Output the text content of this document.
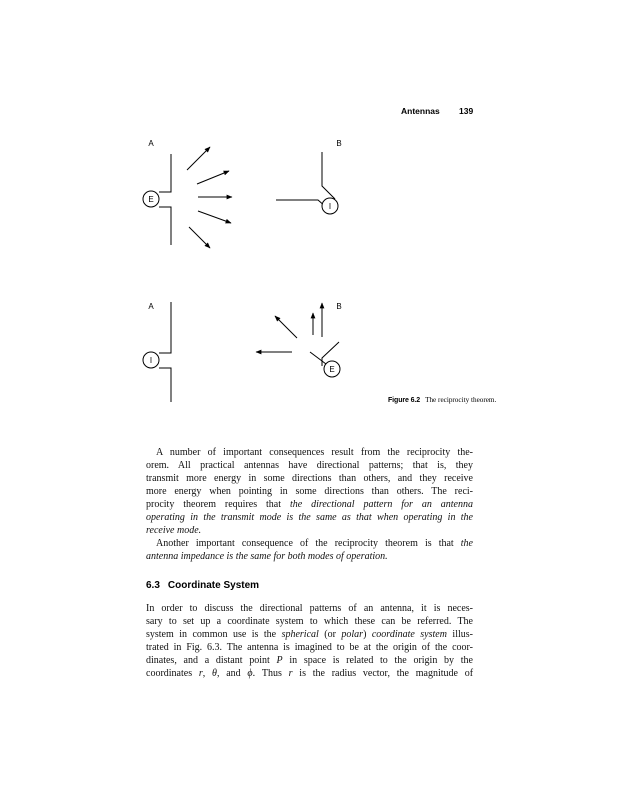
Antennas 139
A	B
E
I
A	B
I
E
Figure 6.2 The reciprocity theorem.
A number of important consequences result from the reciprocity the-
orem. All practical antennas have directional patterns; that is, they
transmit more energy in some directions than others, and they receive
more energy when pointing in some directions than others. The reci-
procity theorem requires that the directional pattern for an antenna
operating in the transmit mode is the same as that when operating in the
receive mode.
Another important consequence of the reciprocity theorem is that the
antenna impedance is the same for both modes of operation.
6.3 Coordinate System
In order to discuss the directional patterns of an antenna, it is neces-
sary to set up a coordinate system to which these can be referred. The
system in common use is the spherical (or polar) coordinate system illus-
trated in Fig. 6.3. The antenna is imagined to be at the origin of the coor-
dinates, and a distant point P in space is related to the origin by the
coordinates r, θ, and ϕ. Thus r is the radius vector, the magnitude of
